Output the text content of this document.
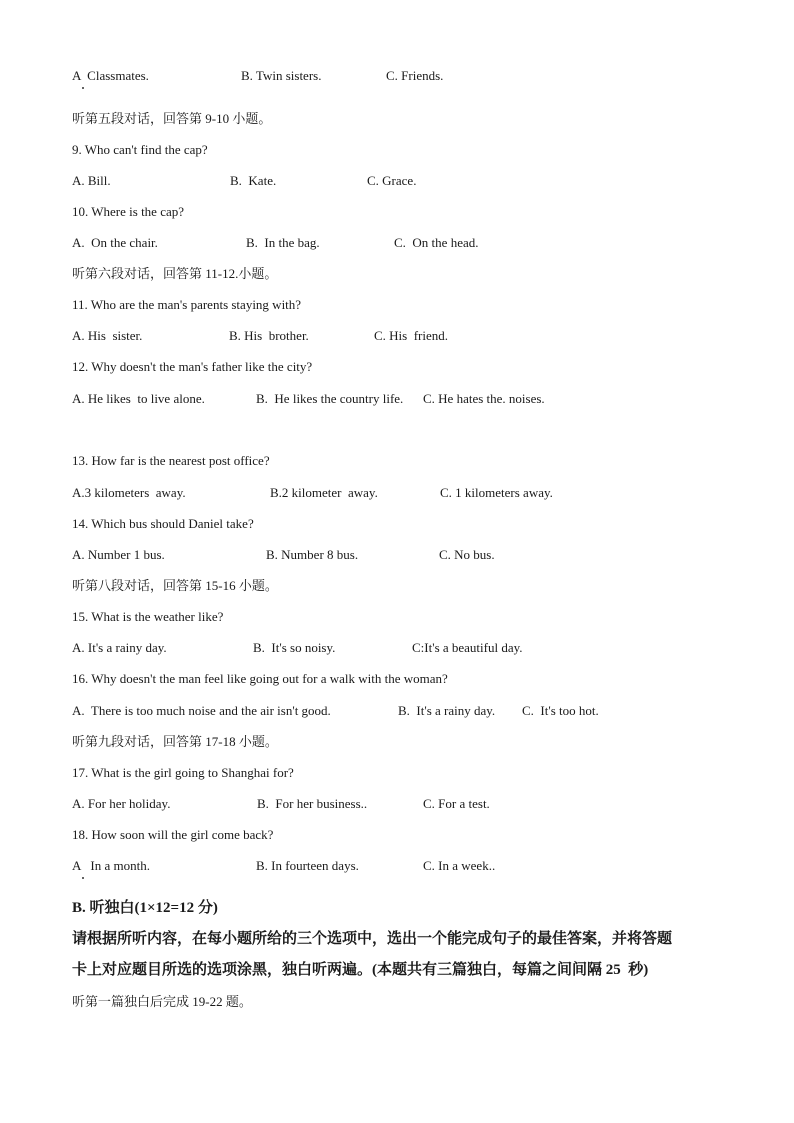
A  Classmates.	B. Twin sisters.	C. Friends.
听第五段对话，回答第 9-10 小题。
9. Who can't find the cap?
A. Bill.	B.  Kate.	C. Grace.
10. Where is the cap?
A.  On the chair.	B.  In the bag.	C.  On the head.
听第六段对话，回答第 11-12.小题。
11. Who are the man's parents staying with?
A. His  sister.	B. His  brother.	C. His  friend.
12. Why doesn't the man's father like the city?
A. He likes  to live alone.	B.  He likes the country life. C. He hates the. noises.
13. How far is the nearest post office?
A.3 kilometers  away.	B.2 kilometer  away.	C. 1 kilometers away.
14. Which bus should Daniel take?
A. Number 1 bus.	B. Number 8 bus.	C. No bus.
听第八段对话，回答第 15-16 小题。
15. What is the weather like?
A. It's a rainy day.	B.  It's so noisy.	C:It's a beautiful day.
16. Why doesn't the man feel like going out for a walk with the woman?
A.  There is too much noise and the air isn't good.	B.  It's a rainy day. C.  It's too hot.
听第九段对话，回答第 17-18 小题。
17. What is the girl going to Shanghai for?
A. For her holiday.	B.  For her business..	C. For a test.
18. How soon will the girl come back?
A   In a month.	B. In fourteen days.	C. In a week..
B. 听独白(1×12=12 分)
请根据所听内容，在每小题所给的三个选项中，选出一个能完成句子的最佳答案，并将答题
卡上对应题目所选的选项涂黑，独白听两遍。(本题共有三篇独白，每篇之间间隔 25  秒)
听第一篇独白后完成 19-22 题。
